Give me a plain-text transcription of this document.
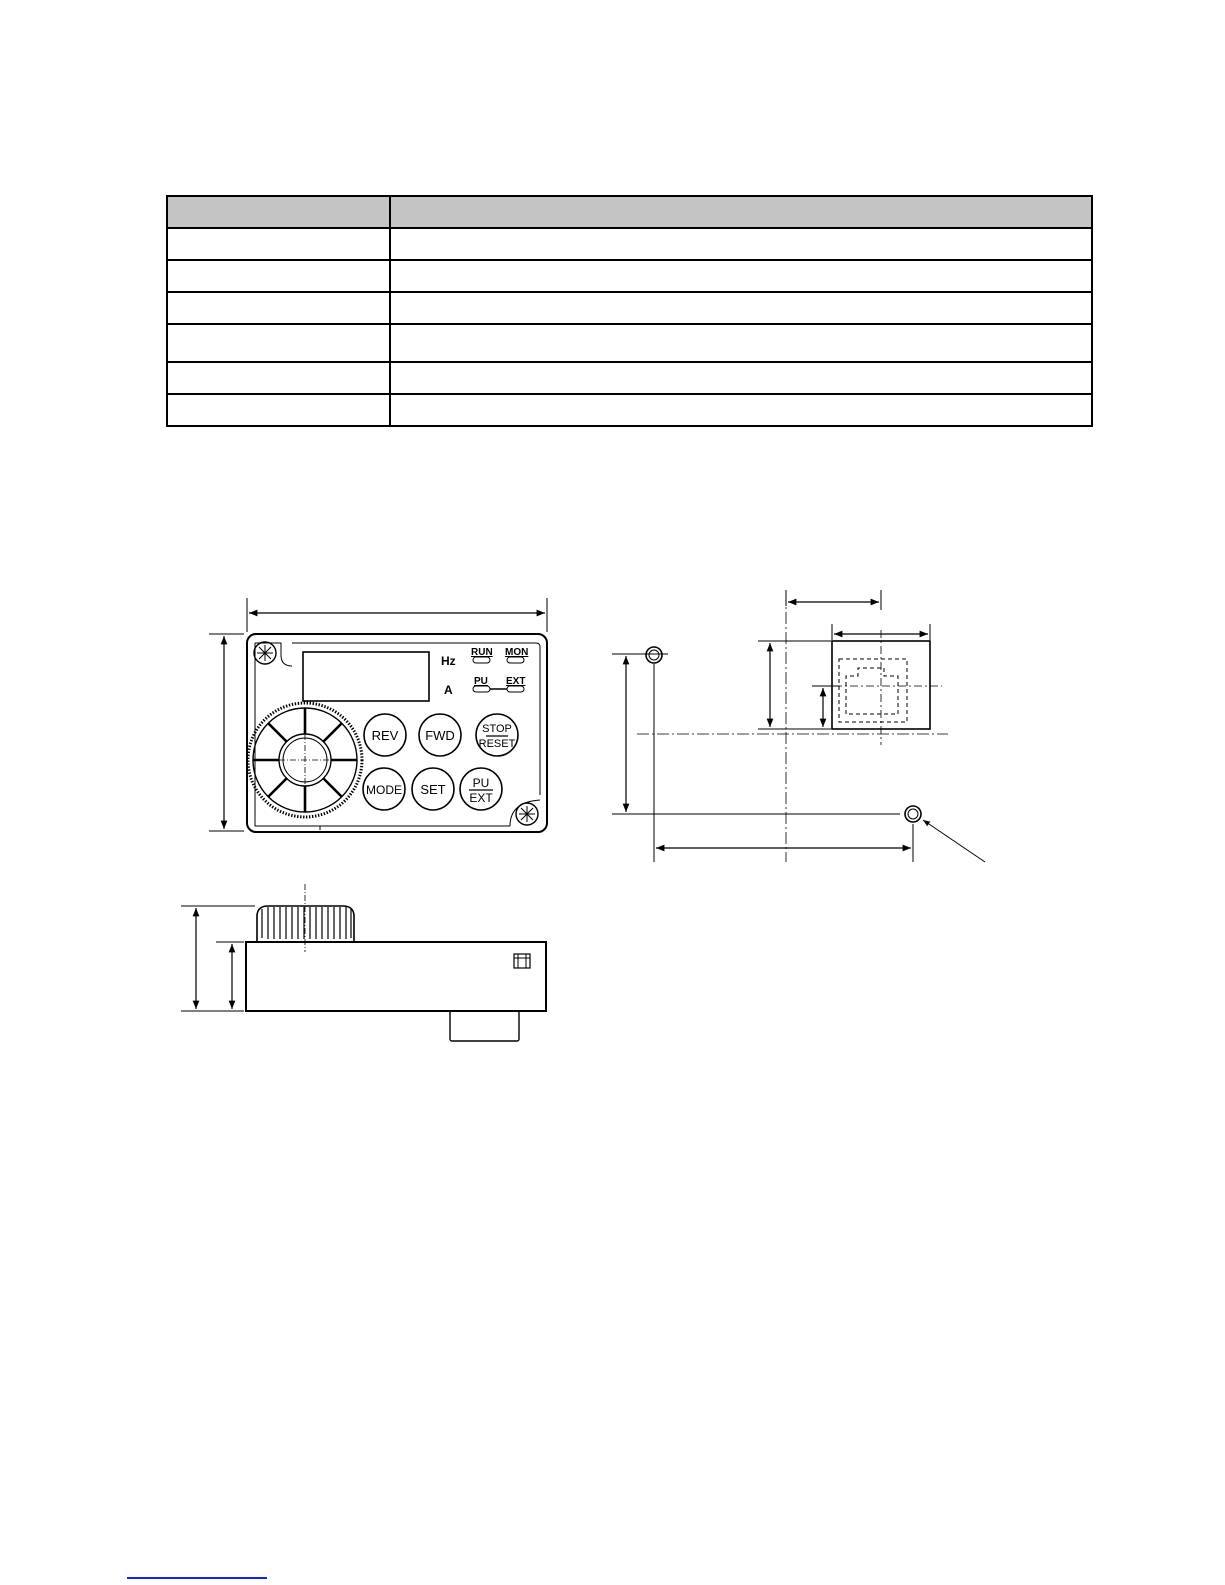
Hz
A
RUN MON
PU EXT
REV FWD STOP
RESET
MODE SET PU
EXT
